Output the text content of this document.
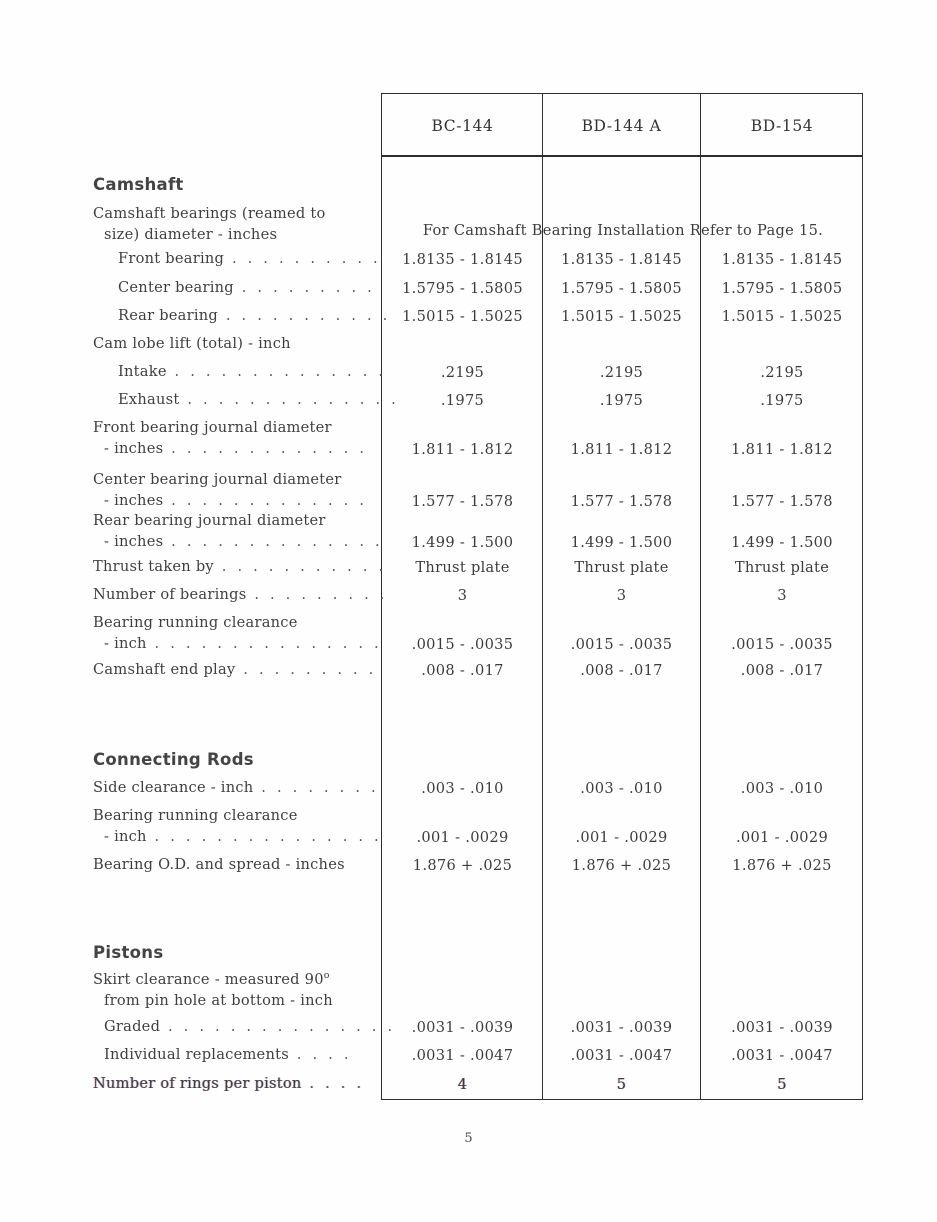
BC-144	BD-144 A	BD-154
Camshaft
Camshaft bearings (reamed to
size) diameter - inches	For Camshaft Bearing Installation Refer to Page 15.
Front bearing . . . . . . . . . .	1.8135 - 1.8145	1.8135 - 1.8145	1.8135 - 1.8145
Center bearing . . . . . . . . .	1.5795 - 1.5805	1.5795 - 1.5805	1.5795 - 1.5805
Rear bearing . . . . . . . . . . . 1.5015 - 1.5025	1.5015 - 1.5025	1.5015 - 1.5025
Cam lobe lift (total) - inch
Intake . . . . . . . . . . . . . .	.2195	.2195	.2195
Exhaust . . . . . . . . . . . . . .	.1975	.1975	.1975
Front bearing journal diameter
- inches . . . . . . . . . . . . .	1.811 - 1.812	1.811 - 1.812	1.811 - 1.812
Center bearing journal diameter
- inches . . . . . . . . . . . . .	1.577 - 1.578	1.577 - 1.578	1.577 - 1.578
Rear bearing journal diameter
- inches . . . . . . . . . . . . . .	1.499 - 1.500	1.499 - 1.500	1.499 - 1.500
Thrust taken by . . . . . . . . . . .	Thrust plate	Thrust plate	Thrust plate
Number of bearings . . . . . . . . .	3	3	3
Bearing running clearance
- inch . . . . . . . . . . . . . . .	.0015 - .0035	.0015 - .0035	.0015 - .0035
Camshaft end play . . . . . . . . .	.008 - .017	.008 - .017	.008 - .017
Connecting Rods
Side clearance - inch . . . . . . . .	.003 - .010	.003 - .010	.003 - .010
Bearing running clearance
- inch . . . . . . . . . . . . . . .	.001 - .0029	.001 - .0029	.001 - .0029
Bearing O.D. and spread - inches	1.876 + .025	1.876 + .025	1.876 + .025
Pistons
Skirt clearance - measured 90$^o$
from pin hole at bottom - inch
Graded . . . . . . . . . . . . . . .	.0031 - .0039	.0031 - .0039	.0031 - .0039
Individual replacements . . . .	.0031 - .0047	.0031 - .0047	.0031 - .0047
Number of rings per piston . . . .	4	5	5
5
